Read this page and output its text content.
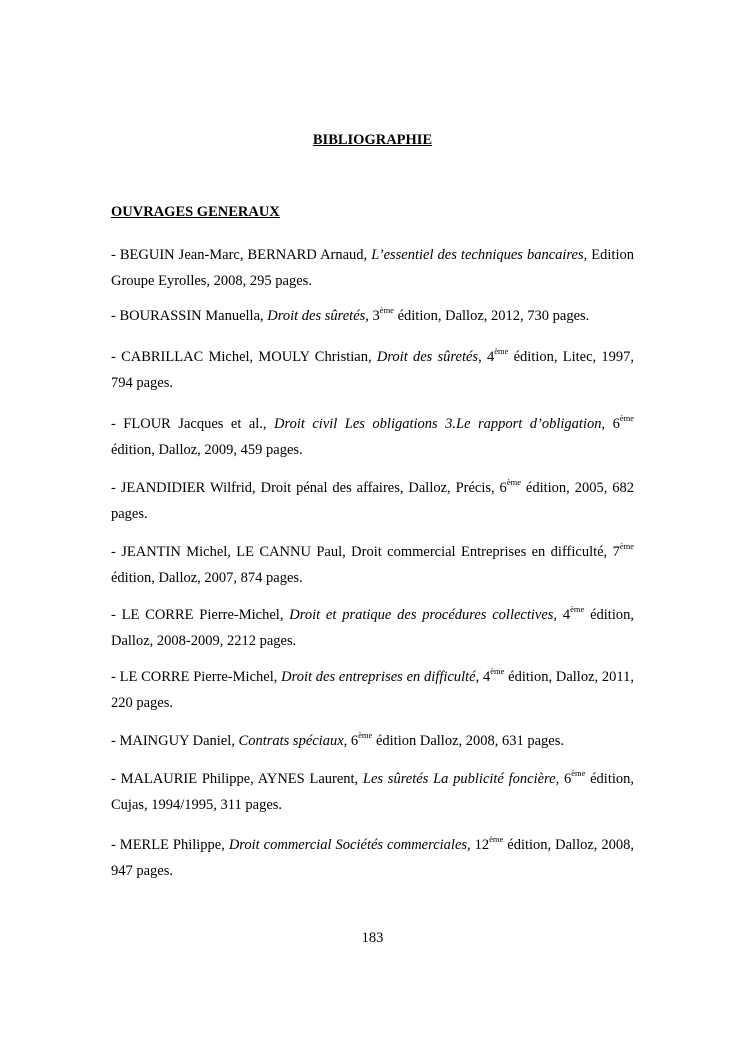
BIBLIOGRAPHIE
OUVRAGES GENERAUX

- BEGUIN Jean-Marc, BERNARD Arnaud, L’essentiel des techniques bancaires, Edition Groupe Eyrolles, 2008, 295 pages.

- BOURASSIN Manuella, Droit des sûretés, 3ème édition, Dalloz, 2012, 730 pages.

- CABRILLAC Michel, MOULY Christian, Droit des sûretés, 4ème édition, Litec, 1997, 794 pages.

- FLOUR Jacques et al., Droit civil Les obligations 3.Le rapport d’obligation, 6ème édition, Dalloz, 2009, 459 pages.

- JEANDIDIER Wilfrid, Droit pénal des affaires, Dalloz, Précis, 6ème édition, 2005, 682 pages.

- JEANTIN Michel, LE CANNU Paul, Droit commercial Entreprises en difficulté, 7ème édition, Dalloz, 2007, 874 pages.

- LE CORRE Pierre-Michel, Droit et pratique des procédures collectives, 4ème édition, Dalloz, 2008-2009, 2212 pages.

- LE CORRE Pierre-Michel, Droit des entreprises en difficulté, 4ème édition, Dalloz, 2011, 220 pages.

- MAINGUY Daniel, Contrats spéciaux, 6ème édition Dalloz, 2008, 631 pages.

- MALAURIE Philippe, AYNES Laurent, Les sûretés La publicité foncière, 6ème édition, Cujas, 1994/1995, 311 pages.

- MERLE Philippe, Droit commercial Sociétés commerciales, 12ème édition, Dalloz, 2008, 947 pages.

183
